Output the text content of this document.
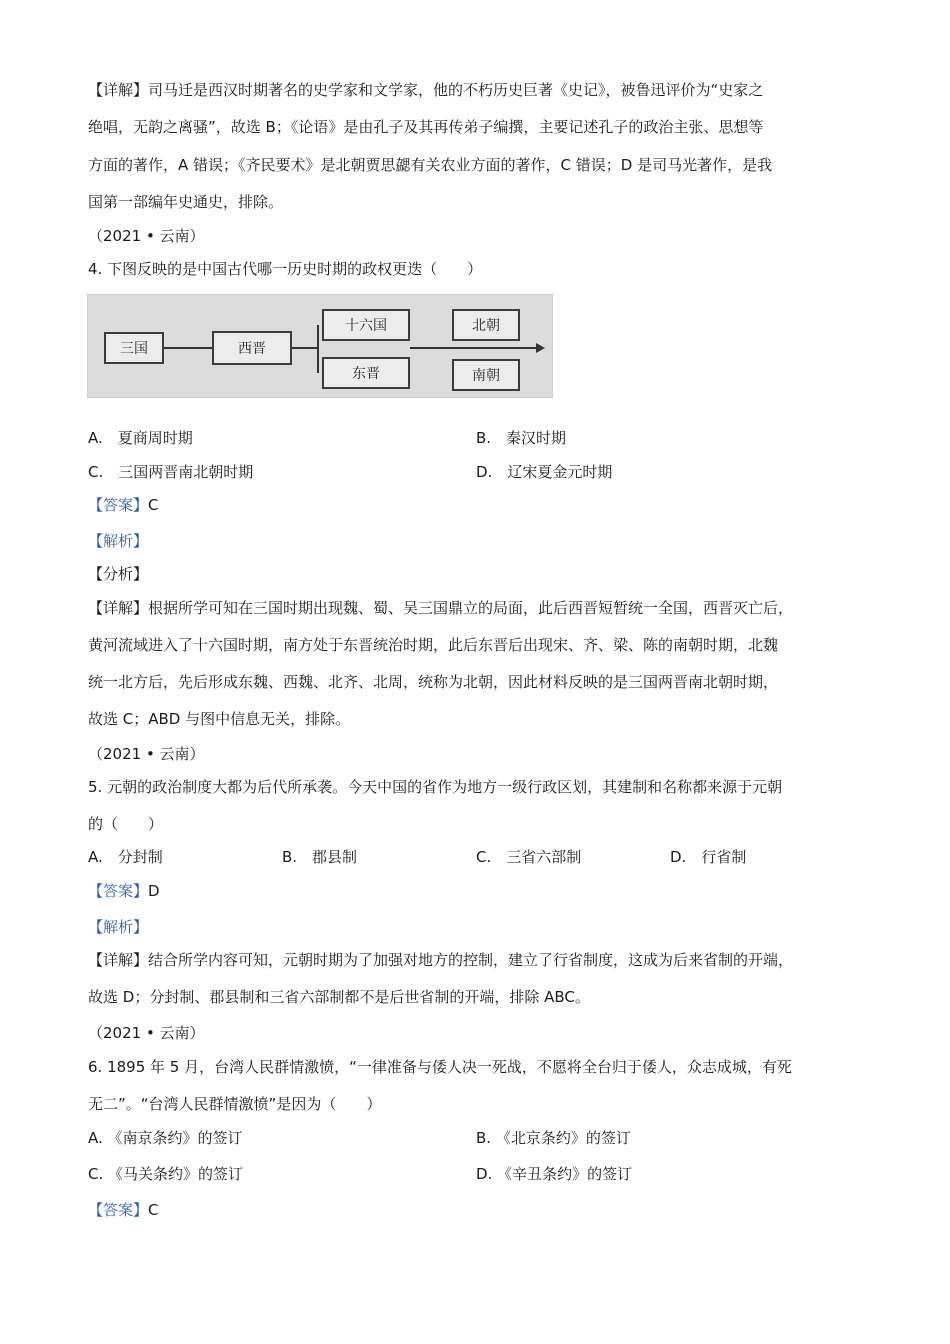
【详解】司马迁是西汉时期著名的史学家和文学家，他的不朽历史巨著《史记》，被鲁迅评价为“史家之
绝唱，无韵之离骚”，故选 B；《论语》是由孔子及其再传弟子编撰，主要记述孔子的政治主张、思想等
方面的著作，A 错误；《齐民要术》是北朝贾思勰有关农业方面的著作，C 错误；D 是司马光著作，是我
国第一部编年史通史，排除。
（2021 • 云南）
4. 下图反映的是中国古代哪一历史时期的政权更迭（　　）
三国	西晋
十六国
东晋
北朝
南朝
A.　夏商周时期	B.　秦汉时期
C.　三国两晋南北朝时期	D.　辽宋夏金元时期
【答案】C
【解析】
【分析】
【详解】根据所学可知在三国时期出现魏、蜀、吴三国鼎立的局面，此后西晋短暂统一全国，西晋灭亡后，
黄河流域进入了十六国时期，南方处于东晋统治时期，此后东晋后出现宋、齐、梁、陈的南朝时期，北魏
统一北方后，先后形成东魏、西魏、北齐、北周，统称为北朝，因此材料反映的是三国两晋南北朝时期，
故选 C；ABD 与图中信息无关，排除。
（2021 • 云南）
5. 元朝的政治制度大都为后代所承袭。今天中国的省作为地方一级行政区划，其建制和名称都来源于元朝
的（　　）
A.　分封制	B.　郡县制	C.　三省六部制	D.　行省制
【答案】D
【解析】
【详解】结合所学内容可知，元朝时期为了加强对地方的控制，建立了行省制度，这成为后来省制的开端，
故选 D；分封制、郡县制和三省六部制都不是后世省制的开端，排除 ABC。
（2021 • 云南）
6. 1895 年 5 月，台湾人民群情激愤，“一律准备与倭人决一死战，不愿将全台归于倭人，众志成城，有死
无二”。“台湾人民群情激愤”是因为（　　）
A. 《南京条约》的签订	B. 《北京条约》的签订
C. 《马关条约》的签订	D. 《辛丑条约》的签订
【答案】C
